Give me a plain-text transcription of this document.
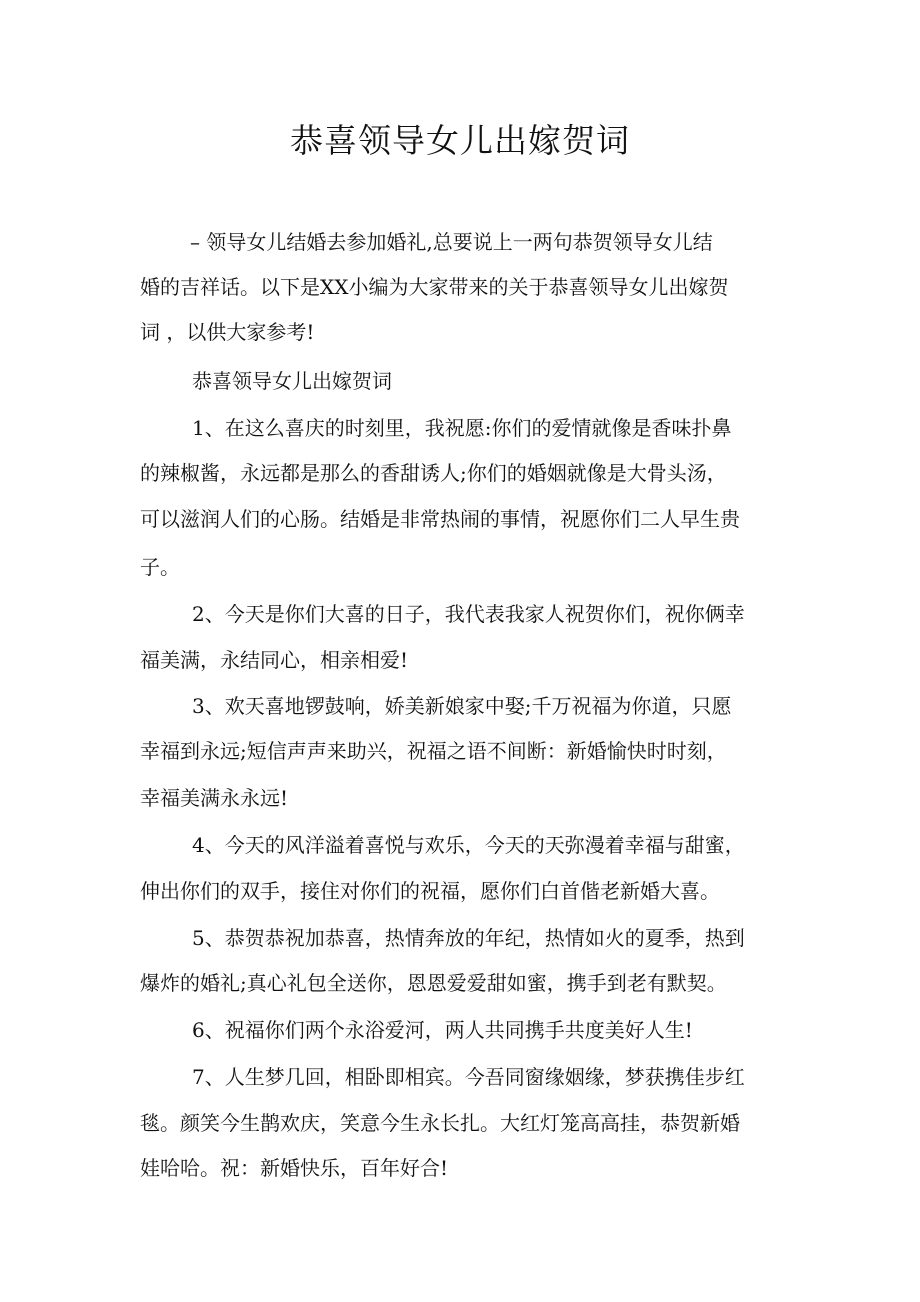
恭喜领导女儿出嫁贺词

– 领导女儿结婚去参加婚礼,总要说上一两句恭贺领导女儿结

婚的吉祥话。以下是XX小编为大家带来的关于恭喜领导女儿出嫁贺

词 ，以供大家参考!

恭喜领导女儿出嫁贺词

1、在这么喜庆的时刻里，我祝愿:你们的爱情就像是香味扑鼻

的辣椒酱，永远都是那么的香甜诱人;你们的婚姻就像是大骨头汤，

可以滋润人们的心肠。结婚是非常热闹的事情，祝愿你们二人早生贵

子。

2、今天是你们大喜的日子，我代表我家人祝贺你们，祝你俩幸

福美满，永结同心，相亲相爱!

3、欢天喜地锣鼓响，娇美新娘家中娶;千万祝福为你道，只愿

幸福到永远;短信声声来助兴，祝福之语不间断：新婚愉快时时刻，

幸福美满永永远!

4、今天的风洋溢着喜悦与欢乐，今天的天弥漫着幸福与甜蜜，

伸出你们的双手，接住对你们的祝福，愿你们白首偕老新婚大喜。

5、恭贺恭祝加恭喜，热情奔放的年纪，热情如火的夏季，热到

爆炸的婚礼;真心礼包全送你，恩恩爱爱甜如蜜，携手到老有默契。

6、祝福你们两个永浴爱河，两人共同携手共度美好人生!

7、人生梦几回，相卧即相宾。今吾同窗缘姻缘，梦获携佳步红

毯。颜笑今生鹊欢庆，笑意今生永长扎。大红灯笼高高挂，恭贺新婚

娃哈哈。祝：新婚快乐，百年好合!
